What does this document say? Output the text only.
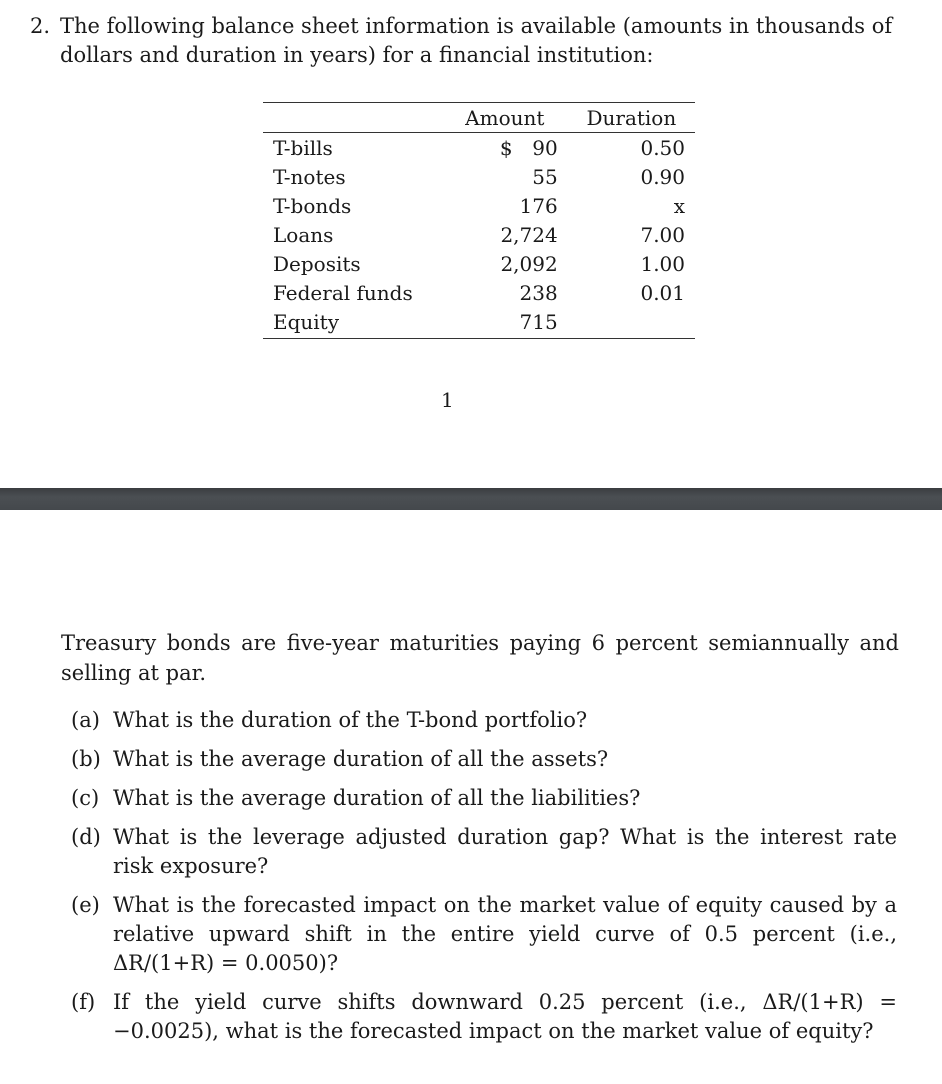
2. The following balance sheet information is available (amounts in thousands of
dollars and duration in years) for a financial institution:
	Amount	Duration
T-bills	$ 90	0.50
T-notes	55	0.90
T-bonds	176	x
Loans	2,724	7.00
Deposits	2,092	1.00
Federal funds	238	0.01
Equity	715	
1
Treasury bonds are five-year maturities paying 6 percent semiannually and selling at par.
(a) What is the duration of the T-bond portfolio?
(b) What is the average duration of all the assets?
(c) What is the average duration of all the liabilities?
(d) What is the leverage adjusted duration gap? What is the interest rate risk exposure?
(e) What is the forecasted impact on the market value of equity caused by a relative upward shift in the entire yield curve of 0.5 percent (i.e., ΔR/(1+R) = 0.0050)?
(f) If the yield curve shifts downward 0.25 percent (i.e., ΔR/(1+R) = −0.0025), what is the forecasted impact on the market value of equity?
